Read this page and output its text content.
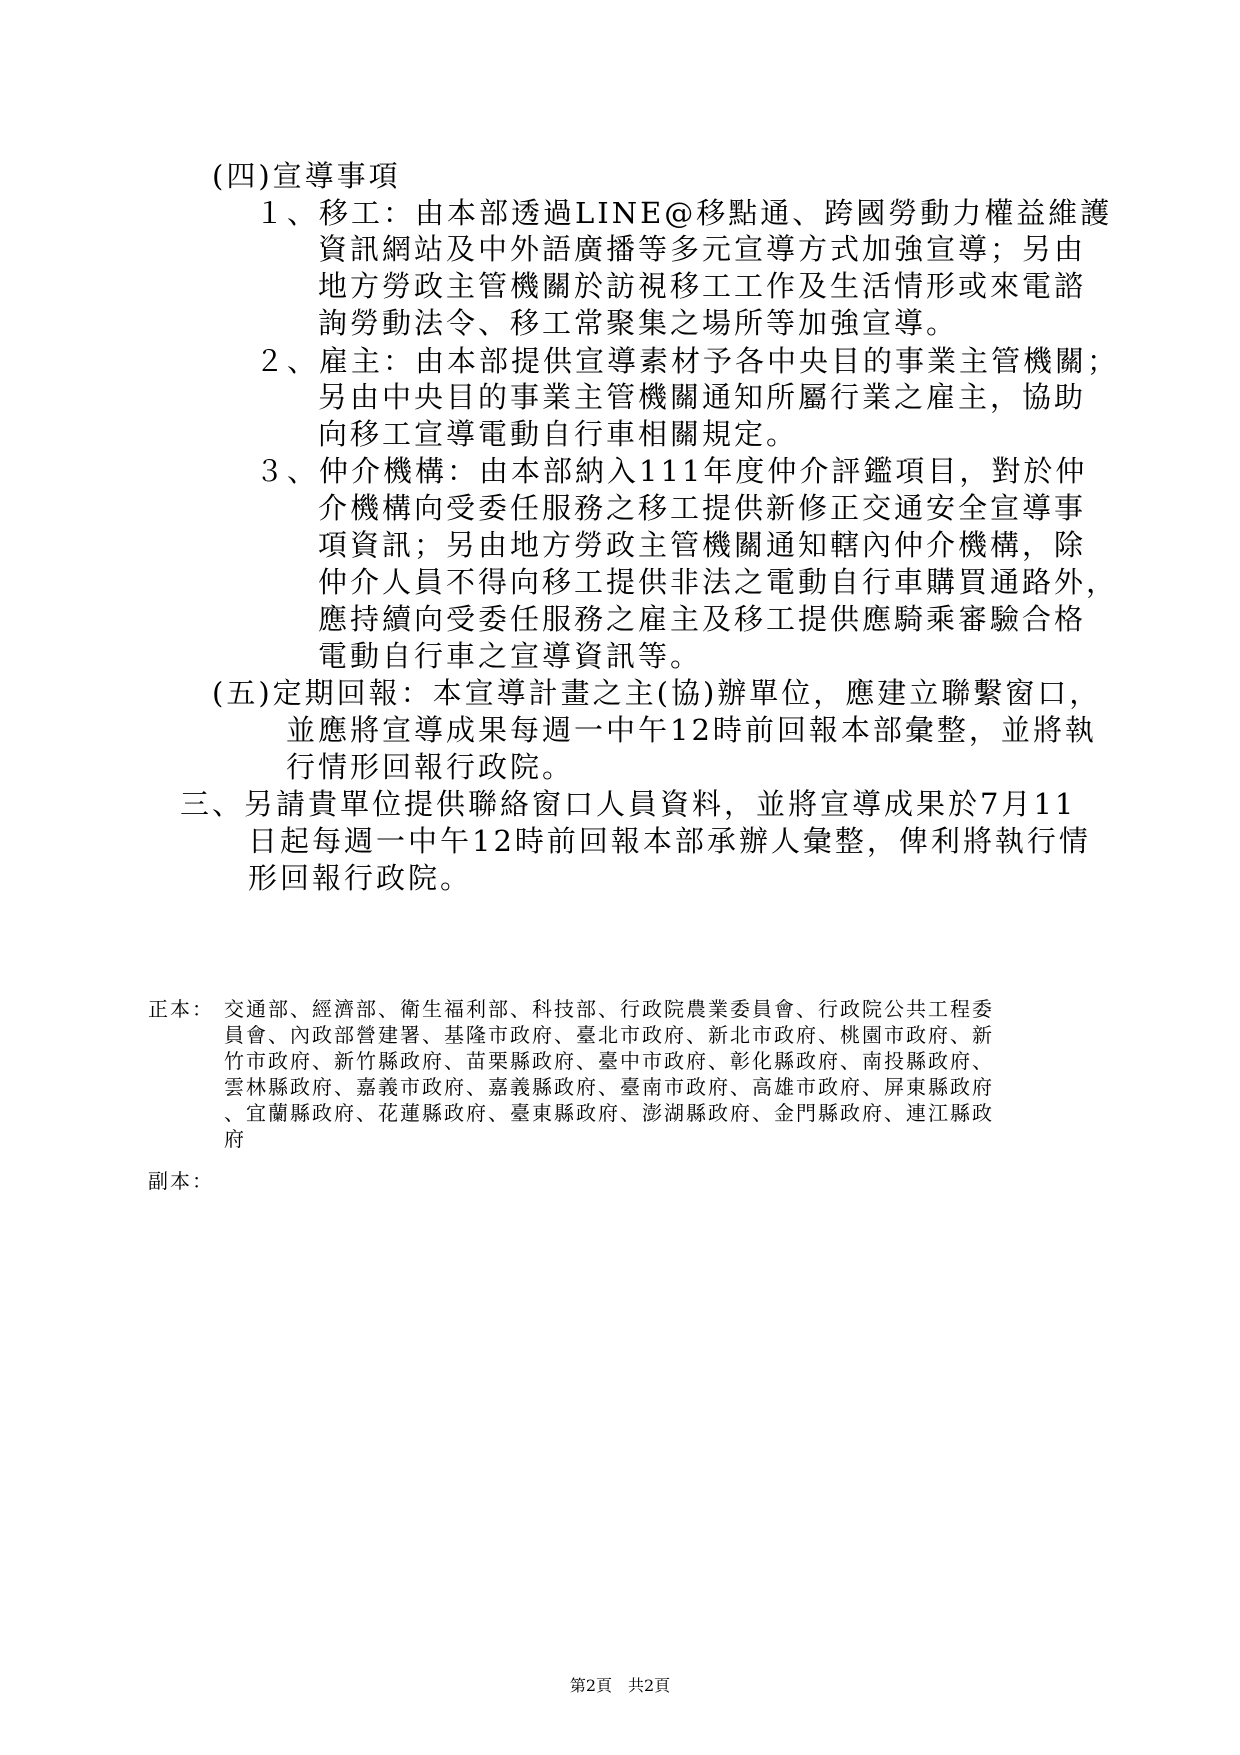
(四)宣導事項
１、移工：由本部透過LINE@移點通、跨國勞動力權益維護
資訊網站及中外語廣播等多元宣導方式加強宣導；另由
地方勞政主管機關於訪視移工工作及生活情形或來電諮
詢勞動法令、移工常聚集之場所等加強宣導。
２、雇主：由本部提供宣導素材予各中央目的事業主管機關；
另由中央目的事業主管機關通知所屬行業之雇主，協助
向移工宣導電動自行車相關規定。
３、仲介機構：由本部納入111年度仲介評鑑項目，對於仲
介機構向受委任服務之移工提供新修正交通安全宣導事
項資訊；另由地方勞政主管機關通知轄內仲介機構，除
仲介人員不得向移工提供非法之電動自行車購買通路外，
應持續向受委任服務之雇主及移工提供應騎乘審驗合格
電動自行車之宣導資訊等。
(五)定期回報：本宣導計畫之主(協)辦單位，應建立聯繫窗口，
並應將宣導成果每週一中午12時前回報本部彙整，並將執
行情形回報行政院。
三、另請貴單位提供聯絡窗口人員資料，並將宣導成果於7月11
日起每週一中午12時前回報本部承辦人彙整，俾利將執行情
形回報行政院。
正本： 交通部、經濟部、衛生福利部、科技部、行政院農業委員會、行政院公共工程委
員會、內政部營建署、基隆市政府、臺北市政府、新北市政府、桃園市政府、新
竹市政府、新竹縣政府、苗栗縣政府、臺中市政府、彰化縣政府、南投縣政府、
雲林縣政府、嘉義市政府、嘉義縣政府、臺南市政府、高雄市政府、屏東縣政府
、宜蘭縣政府、花蓮縣政府、臺東縣政府、澎湖縣政府、金門縣政府、連江縣政
府
副本：
第2頁 共2頁
